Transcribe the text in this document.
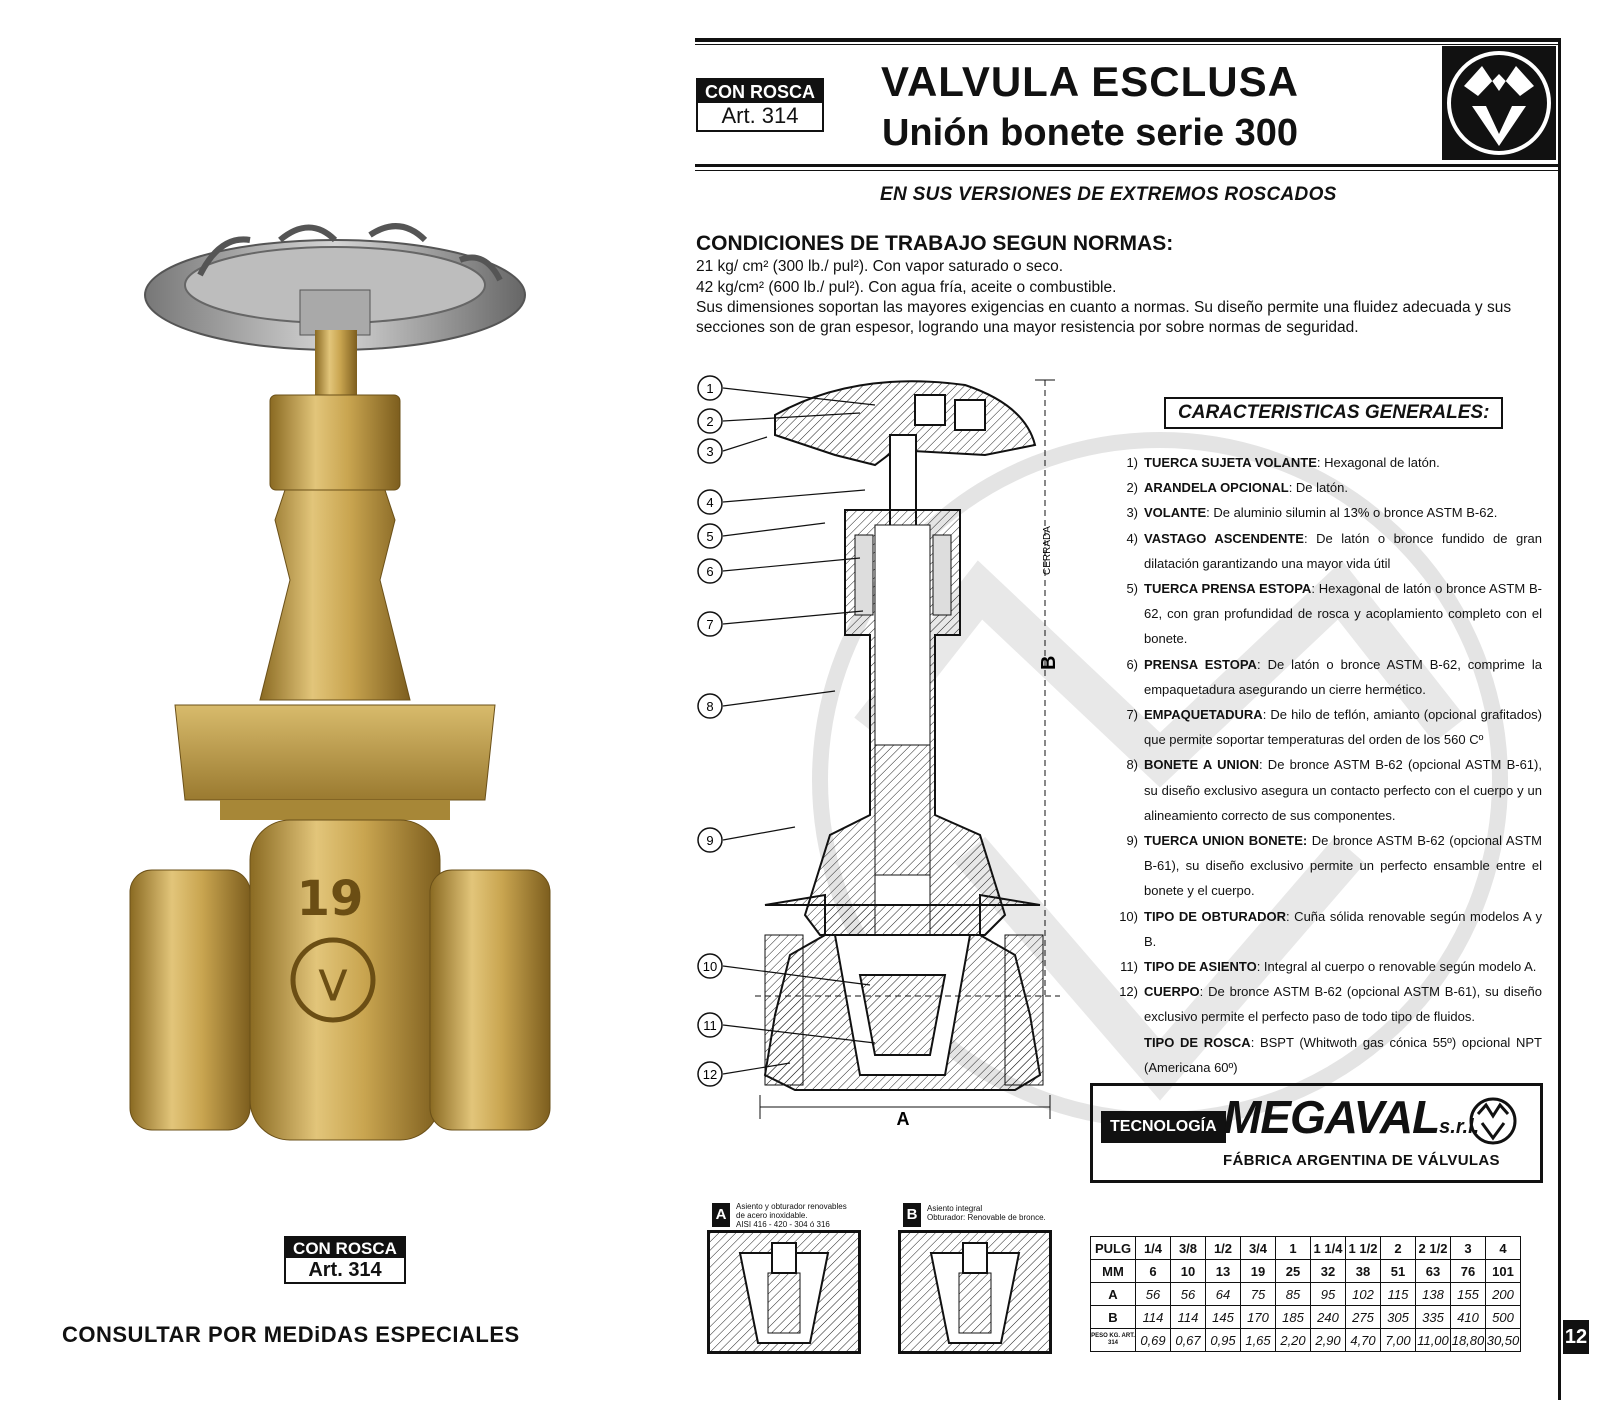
19
⋁
CON ROSCA
Art. 314
CONSULTAR POR MEDiDAS ESPECIALES
CON ROSCA
Art. 314
VALVULA ESCLUSA
Unión bonete serie 300
EN SUS VERSIONES DE EXTREMOS ROSCADOS
CONDICIONES DE TRABAJO SEGUN NORMAS:
21 kg/ cm² (300 lb./ pul²). Con vapor saturado o seco.
42 kg/cm² (600 lb./ pul²). Con agua fría, aceite o combustible.
Sus dimensiones soportan las mayores exigencias en cuanto a normas. Su diseño permite una fluidez adecuada y sus secciones son de gran espesor, logrando una mayor resistencia por sobre normas de seguridad.
B
CERRADA
A
1
2
3
4
5
6
7
8
9
10
11
12
CARACTERISTICAS GENERALES:
1) TUERCA SUJETA VOLANTE: Hexagonal de latón.
2) ARANDELA OPCIONAL: De latón.
3) VOLANTE: De aluminio silumin al 13% o bronce ASTM B-62.
4) VASTAGO ASCENDENTE: De latón o bronce fundido de gran dilatación garantizando una mayor vida útil
5) TUERCA PRENSA ESTOPA: Hexagonal de latón o bronce ASTM B-62, con gran profundidad de rosca y acoplamiento completo con el bonete.
6) PRENSA ESTOPA: De latón o bronce ASTM B-62, comprime la empaquetadura asegurando un cierre hermético.
7) EMPAQUETADURA: De hilo de teflón, amianto (opcional grafitados) que permite soportar temperaturas del orden de los 560 Cº
8) BONETE A UNION: De bronce ASTM B-62 (opcional ASTM B-61), su diseño exclusivo asegura un contacto perfecto con el cuerpo y un alineamiento correcto de sus componentes.
9) TUERCA UNION BONETE: De bronce ASTM B-62 (opcional ASTM B-61), su diseño exclusivo permite un perfecto ensamble entre el bonete y el cuerpo.
10) TIPO DE OBTURADOR: Cuña sólida renovable según modelos A y B.
11) TIPO DE ASIENTO: Integral al cuerpo o renovable según modelo A.
12) CUERPO: De bronce ASTM B-62 (opcional ASTM B-61), su diseño exclusivo permite el perfecto paso de todo tipo de fluidos.
TIPO DE ROSCA: BSPT (Whitwoth gas cónica 55º) opcional NPT (Americana 60º)
TECNOLOGÍA MEGAVALs.r.l.
FÁBRICA ARGENTINA DE VÁLVULAS
A	Asiento y obturador renovables
de acero inoxidable.
AISI 416 - 420 - 304 ó 316
B	Asiento integral
Obturador: Renovable de bronce.
PULG	1/4	3/8	1/2	3/4	1	1 1/4	1 1/2	2	2 1/2	3	4
MM	6	10	13	19	25	32	38	51	63	76	101
A	56	56	64	75	85	95	102	115	138	155	200
B	114	114	145	170	185	240	275	305	335	410	500
PESO KG. ART. 314	0,69	0,67	0,95	1,65	2,20	2,90	4,70	7,00	11,00	18,80	30,50 12
